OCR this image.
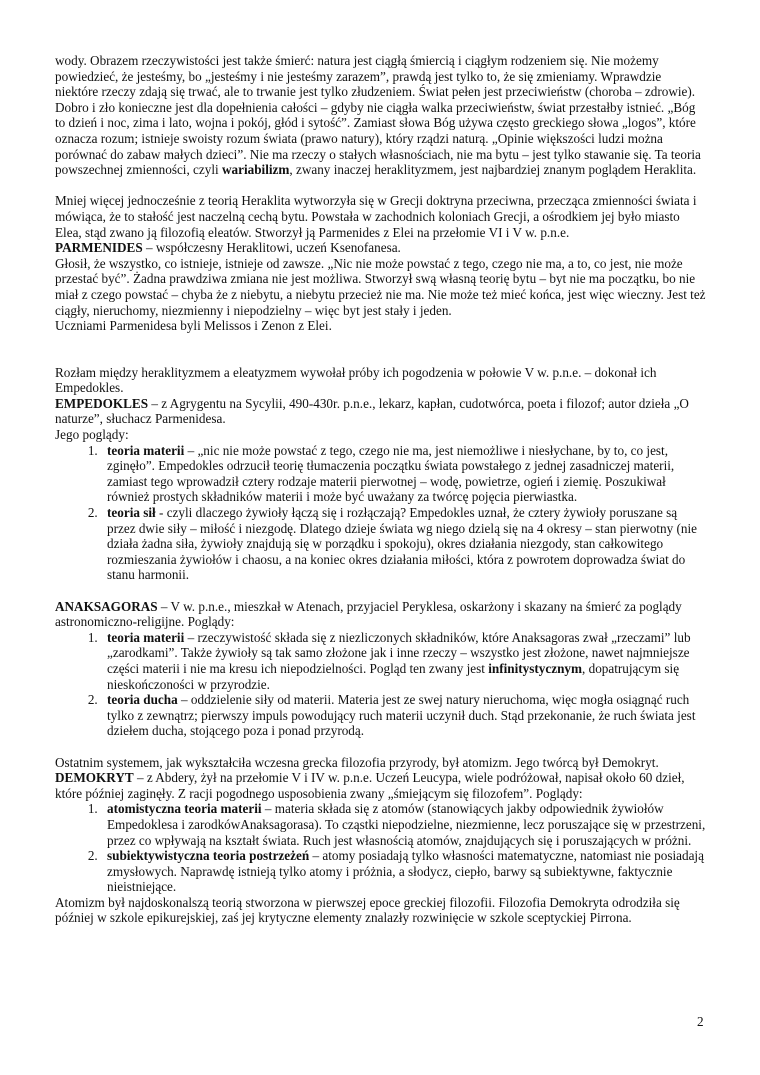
wody. Obrazem rzeczywistości jest także śmierć: natura jest ciągłą śmiercią i ciągłym rodzeniem się. Nie możemy powiedzieć, że jesteśmy, bo „jesteśmy i nie jesteśmy zarazem”, prawdą jest tylko to, że się zmieniamy. Wprawdzie niektóre rzeczy zdają się trwać, ale to trwanie jest tylko złudzeniem. Świat pełen jest przeciwieństw (choroba – zdrowie). Dobro i zło konieczne jest dla dopełnienia całości – gdyby nie ciągła walka przeciwieństw, świat przestałby istnieć. „Bóg to dzień i noc, zima i lato, wojna i pokój, głód i sytość”. Zamiast słowa Bóg używa często greckiego słowa „logos”, które oznacza rozum; istnieje swoisty rozum świata (prawo natury), który rządzi naturą. „Opinie większości ludzi można porównać do zabaw małych dzieci”. Nie ma rzeczy o stałych własnościach, nie ma bytu – jest tylko stawanie się. Ta teoria powszechnej zmienności, czyli wariabilizm, zwany inaczej heraklityzmem, jest najbardziej znanym poglądem Heraklita.

Mniej więcej jednocześnie z teorią Heraklita wytworzyła się w Grecji doktryna przeciwna, przecząca zmienności świata i mówiąca, że to stałość jest naczelną cechą bytu. Powstała w zachodnich koloniach Grecji, a ośrodkiem jej było miasto Elea, stąd zwano ją filozofią eleatów. Stworzył ją Parmenides z Elei na przełomie VI i V w. p.n.e.

PARMENIDES – współczesny Heraklitowi, uczeń Ksenofanesa.

Głosił, że wszystko, co istnieje, istnieje od zawsze. „Nic nie może powstać z tego, czego nie ma, a to, co jest, nie może przestać być”. Żadna prawdziwa zmiana nie jest możliwa. Stworzył swą własną teorię bytu – byt nie ma początku, bo nie miał z czego powstać – chyba że z niebytu, a niebytu przecież nie ma. Nie może też mieć końca, jest więc wieczny. Jest też ciągły, nieruchomy, niezmienny i niepodzielny – więc byt jest stały i jeden.

Uczniami Parmenidesa byli Melissos i Zenon z Elei.

Rozłam między heraklityzmem a eleatyzmem wywołał próby ich pogodzenia w połowie V w. p.n.e. – dokonał ich Empedokles.

EMPEDOKLES – z Agrygentu na Sycylii, 490-430r. p.n.e., lekarz, kapłan, cudotwórca, poeta i filozof; autor dzieła „O naturze”, słuchacz Parmenidesa.

Jego poglądy:

1. teoria materii – „nic nie może powstać z tego, czego nie ma, jest niemożliwe i niesłychane, by to, co jest, zginęło”. Empedokles odrzucił teorię tłumaczenia początku świata powstałego z jednej zasadniczej materii, zamiast tego wprowadził cztery rodzaje materii pierwotnej – wodę, powietrze, ogień i ziemię. Poszukiwał również prostych składników materii i może być uważany za twórcę pojęcia pierwiastka.
2. teoria sił - czyli dlaczego żywioły łączą się i rozłączają? Empedokles uznał, że cztery żywioły poruszane są przez dwie siły – miłość i niezgodę. Dlatego dzieje świata wg niego dzielą się na 4 okresy – stan pierwotny (nie działa żadna siła, żywioły znajdują się w porządku i spokoju), okres działania niezgody, stan całkowitego rozmieszania żywiołów i chaosu, a na koniec okres działania miłości, która z powrotem doprowadza świat do stanu harmonii.

ANAKSAGORAS – V w. p.n.e., mieszkał w Atenach, przyjaciel Peryklesa, oskarżony i skazany na śmierć za poglądy astronomiczno-religijne. Poglądy:

1. teoria materii – rzeczywistość składa się z niezliczonych składników, które Anaksagoras zwał „rzeczami” lub „zarodkami”. Także żywioły są tak samo złożone jak i inne rzeczy – wszystko jest złożone, nawet najmniejsze części materii i nie ma kresu ich niepodzielności. Pogląd ten zwany jest infinitystycznym, dopatrującym się nieskończoności w przyrodzie.
2. teoria ducha – oddzielenie siły od materii. Materia jest ze swej natury nieruchoma, więc mogła osiągnąć ruch tylko z zewnątrz; pierwszy impuls powodujący ruch materii uczynił duch. Stąd przekonanie, że ruch świata jest dziełem ducha, stojącego poza i ponad przyrodą.

Ostatnim systemem, jak wykształciła wczesna grecka filozofia przyrody, był atomizm. Jego twórcą był Demokryt.

DEMOKRYT – z Abdery, żył na przełomie V i IV w. p.n.e. Uczeń Leucypa, wiele podróżował, napisał około 60 dzieł, które później zaginęły. Z racji pogodnego usposobienia zwany „śmiejącym się filozofem”. Poglądy:

1. atomistyczna teoria materii – materia składa się z atomów (stanowiących jakby odpowiednik żywiołów Empedoklesa i zarodkówAnaksagorasa). To cząstki niepodzielne, niezmienne, lecz poruszające się w przestrzeni, przez co wpływają na kształt świata. Ruch jest własnością atomów, znajdujących się i poruszających w próżni.
2. subiektywistyczna teoria postrzeżeń – atomy posiadają tylko własności matematyczne, natomiast nie posiadają zmysłowych. Naprawdę istnieją tylko atomy i próżnia, a słodycz, ciepło, barwy są subiektywne, faktycznie nieistniejące.

Atomizm był najdoskonalszą teorią stworzona w pierwszej epoce greckiej filozofii. Filozofia Demokryta odrodziła się później w szkole epikurejskiej, zaś jej krytyczne elementy znalazły rozwinięcie w szkole sceptyckiej Pirrona.

2
